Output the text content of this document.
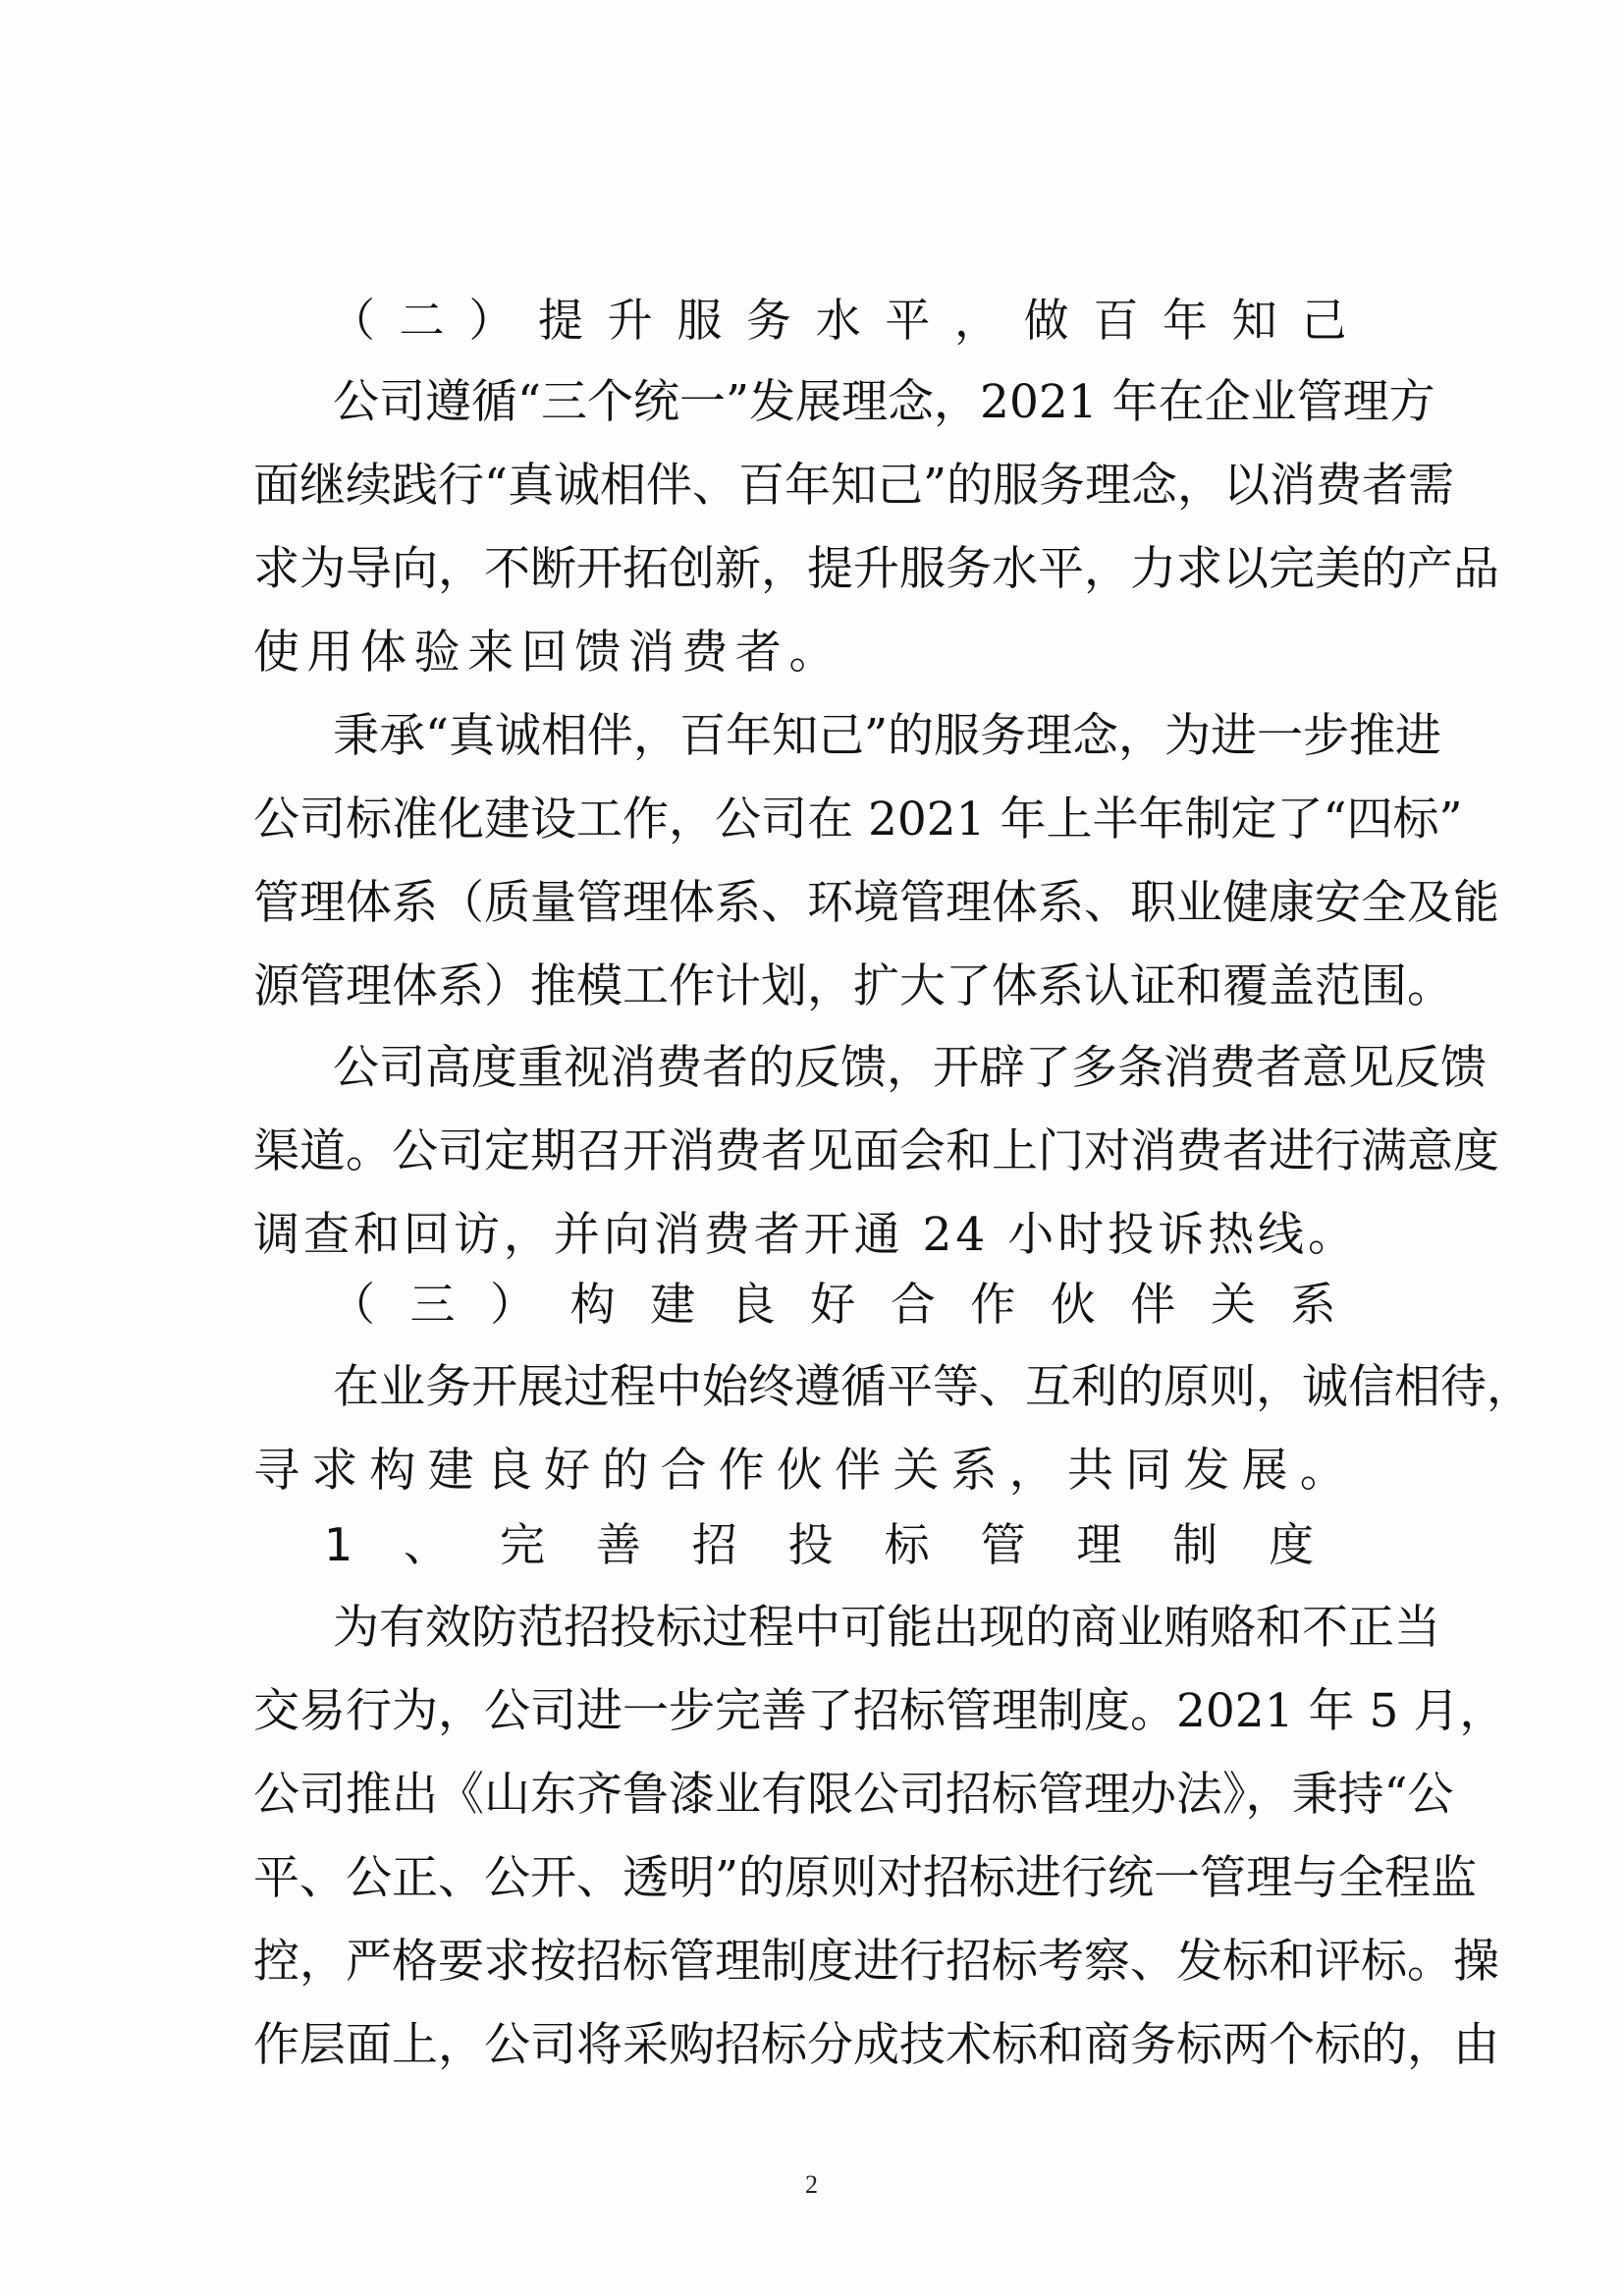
（二）提升服务水平，做百年知己
公司遵循“三个统一”发展理念，2021 年在企业管理方
面继续践行“真诚相伴、百年知己”的服务理念，以消费者需
求为导向，不断开拓创新，提升服务水平，力求以完美的产品
使用体验来回馈消费者。
秉承“真诚相伴，百年知己”的服务理念，为进一步推进
公司标准化建设工作，公司在 2021 年上半年制定了“四标”
管理体系（质量管理体系、环境管理体系、职业健康安全及能
源管理体系）推模工作计划，扩大了体系认证和覆盖范围。
公司高度重视消费者的反馈，开辟了多条消费者意见反馈
渠道。公司定期召开消费者见面会和上门对消费者进行满意度
调查和回访，并向消费者开通 24 小时投诉热线。
（三）构建良好合作伙伴关系
在业务开展过程中始终遵循平等、互利的原则，诚信相待，
寻求构建良好的合作伙伴关系，共同发展。
1、完善招投标管理制度
为有效防范招投标过程中可能出现的商业贿赂和不正当
交易行为，公司进一步完善了招标管理制度。2021 年 5 月，
公司推出《山东齐鲁漆业有限公司招标管理办法》，秉持“公
平、公正、公开、透明”的原则对招标进行统一管理与全程监
控，严格要求按招标管理制度进行招标考察、发标和评标。操
作层面上，公司将采购招标分成技术标和商务标两个标的，由
2
